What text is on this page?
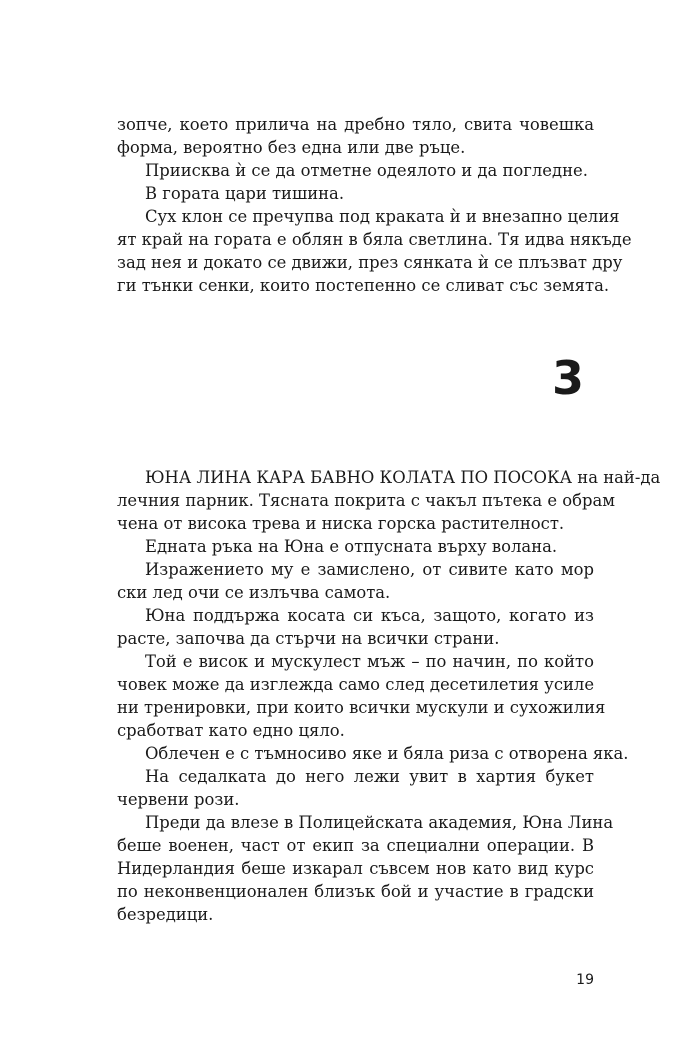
зопче, което прилича на дребно тяло, свита човешка
форма, вероятно без една или две ръце.
Приисква ѝ се да отметне одеялото и да погледне.
В гората цари тишина.
Сух клон се пречупва под краката ѝ и внезапно целия
ят край на гората е облян в бяла светлина. Тя идва някъде
зад нея и докато се движи, през сянката ѝ се плъзват дру
ги тънки сенки, които постепенно се сливат със земята.
ЮНА ЛИНА КАРА БАВНО КОЛАТА ПО ПОСОКА на най-да
лечния парник. Тясната покрита с чакъл пътека е обрам
чена от висока трева и ниска горска растителност.
Едната ръка на Юна е отпусната върху волана.
Изражението му е замислено, от сивите като мор
ски лед очи се излъчва самота.
Юна поддържа косата си къса, защото, когато из
расте, започва да стърчи на всички страни.
Той е висок и мускулест мъж – по начин, по който
човек може да изглежда само след десетилетия усиле
ни тренировки, при които всички мускули и сухожилия
сработват като едно цяло.
Облечен е с тъмносиво яке и бяла риза с отворена яка.
На седалката до него лежи увит в хартия букет
червени рози.
Преди да влезе в Полицейската академия, Юна Лина
беше военен, част от екип за специални операции. В
Нидерландия беше изкарал съвсем нов като вид курс
по неконвенционален близък бой и участие в градски
безредици.
3
19
